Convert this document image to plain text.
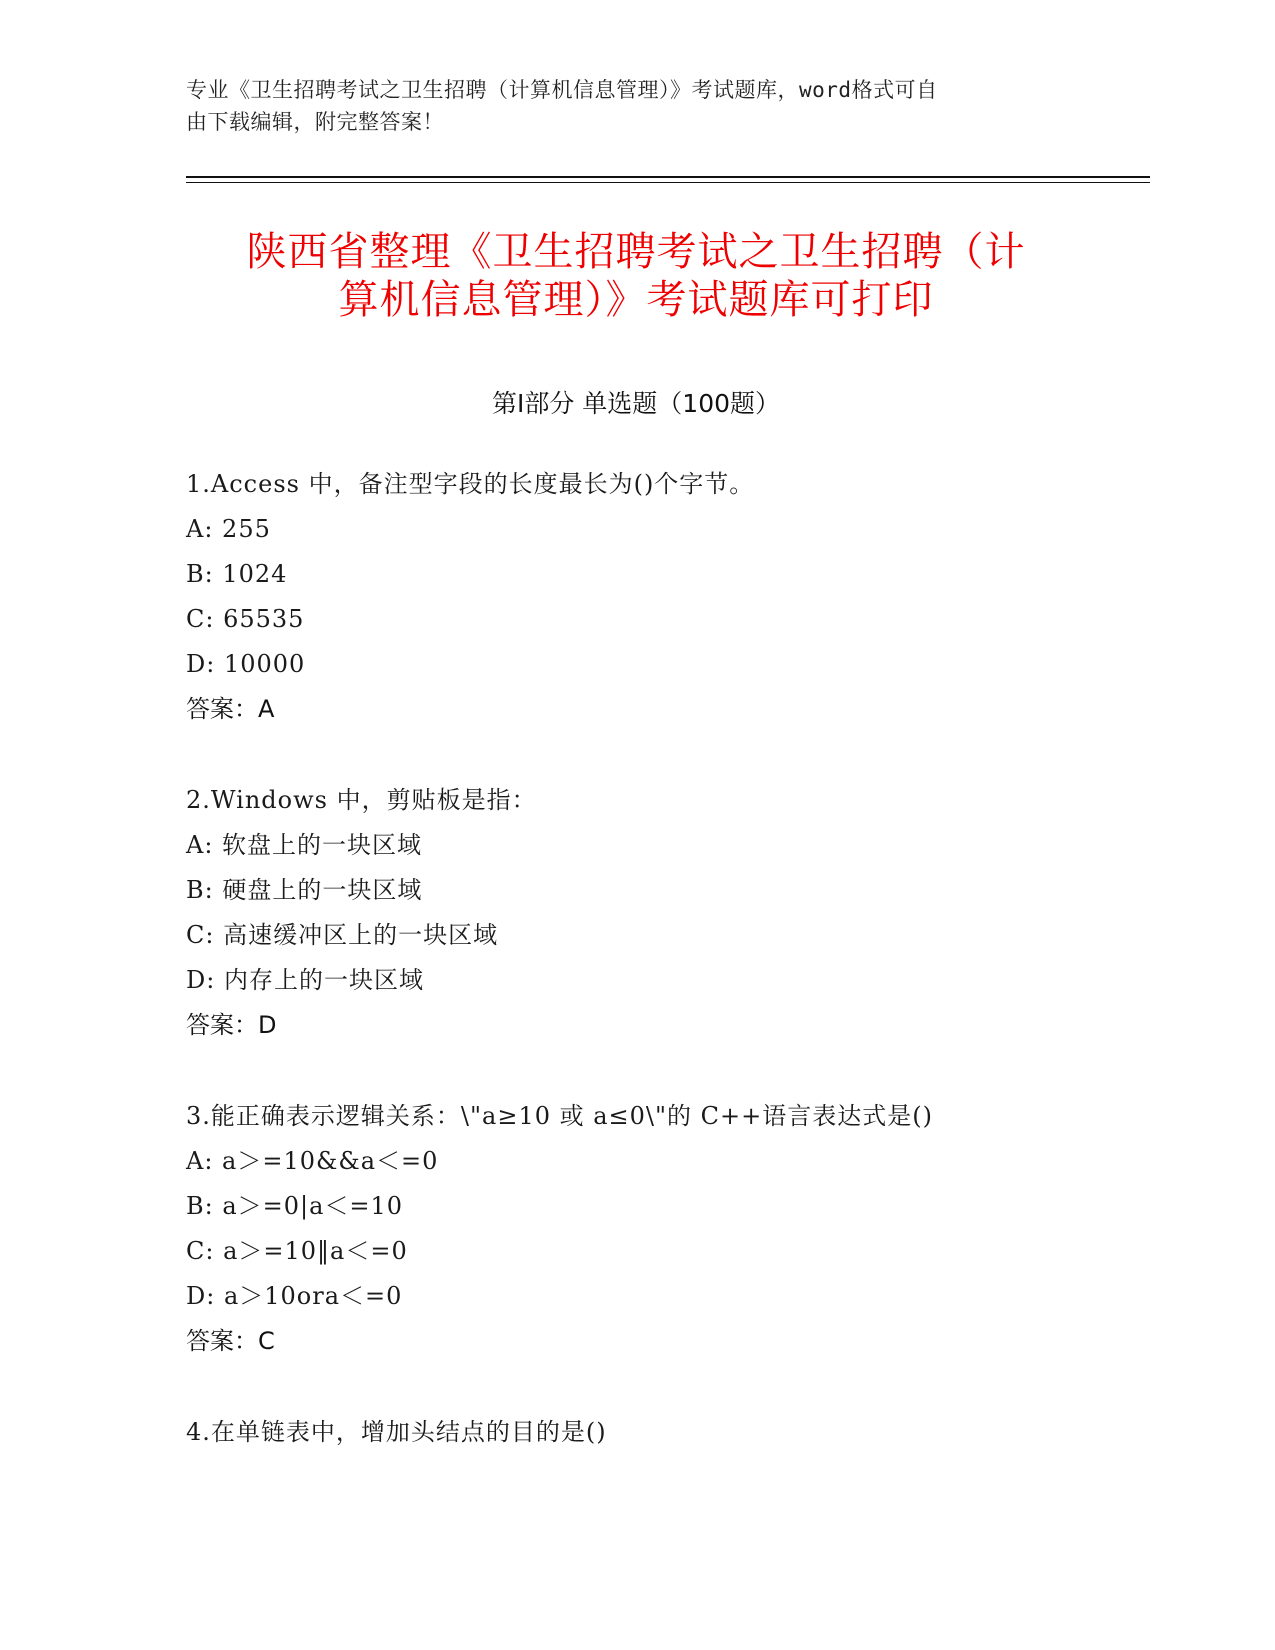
专业《卫生招聘考试之卫生招聘（计算机信息管理）》考试题库，word格式可自
由下载编辑，附完整答案！
陕西省整理《卫生招聘考试之卫生招聘（计
算机信息管理）》考试题库可打印
第Ⅰ部分 单选题（100题）
1.Access 中，备注型字段的长度最长为()个字节。
A: 255
B: 1024
C: 65535
D: 10000
答案：A
2.Windows 中，剪贴板是指：
A: 软盘上的一块区域
B: 硬盘上的一块区域
C: 高速缓冲区上的一块区域
D: 内存上的一块区域
答案：D
3.能正确表示逻辑关系：\"a≥10 或 a≤0\"的 C++语言表达式是()
A: a＞=10&&a＜=0
B: a＞=0|a＜=10
C: a＞=10‖a＜=0
D: a＞10ora＜=0
答案：C
4.在单链表中，增加头结点的目的是()
